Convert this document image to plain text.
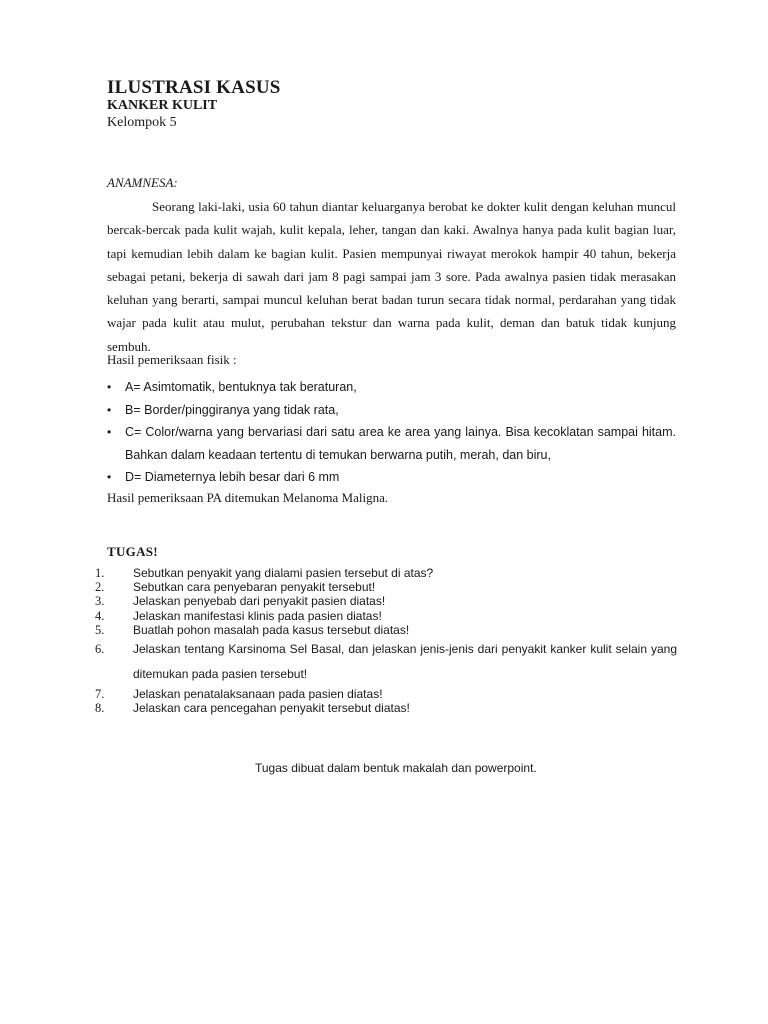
ILUSTRASI KASUS
KANKER KULIT
Kelompok 5
ANAMNESA:
Seorang laki-laki, usia 60 tahun diantar keluarganya berobat ke dokter kulit dengan keluhan muncul bercak-bercak pada kulit wajah, kulit kepala, leher, tangan dan kaki. Awalnya hanya pada kulit bagian luar, tapi kemudian lebih dalam ke bagian kulit. Pasien mempunyai riwayat merokok hampir 40 tahun, bekerja sebagai petani, bekerja di sawah dari jam 8 pagi sampai jam 3 sore. Pada awalnya pasien tidak merasakan keluhan yang berarti, sampai muncul keluhan berat badan turun secara tidak normal, perdarahan yang tidak wajar pada kulit atau mulut, perubahan tekstur dan warna pada kulit, deman dan batuk tidak kunjung sembuh.
Hasil pemeriksaan fisik :
• A= Asimtomatik, bentuknya tak beraturan,
• B= Border/pinggiranya yang tidak rata,
• C= Color/warna yang bervariasi dari satu area ke area yang lainya. Bisa kecoklatan sampai hitam. Bahkan dalam keadaan tertentu di temukan berwarna putih, merah, dan biru,
• D= Diameternya lebih besar dari 6 mm
Hasil pemeriksaan PA ditemukan Melanoma Maligna.
TUGAS!
1. Sebutkan penyakit yang dialami pasien tersebut di atas?
2. Sebutkan cara penyebaran penyakit tersebut!
3. Jelaskan penyebab dari penyakit pasien diatas!
4. Jelaskan manifestasi klinis pada pasien diatas!
5. Buatlah pohon masalah pada kasus tersebut diatas!
6. Jelaskan tentang Karsinoma Sel Basal, dan jelaskan jenis-jenis dari penyakit kanker kulit selain yang ditemukan pada pasien tersebut!
7. Jelaskan penatalaksanaan pada pasien diatas!
8. Jelaskan cara pencegahan penyakit tersebut diatas!
Tugas dibuat dalam bentuk makalah dan powerpoint.
